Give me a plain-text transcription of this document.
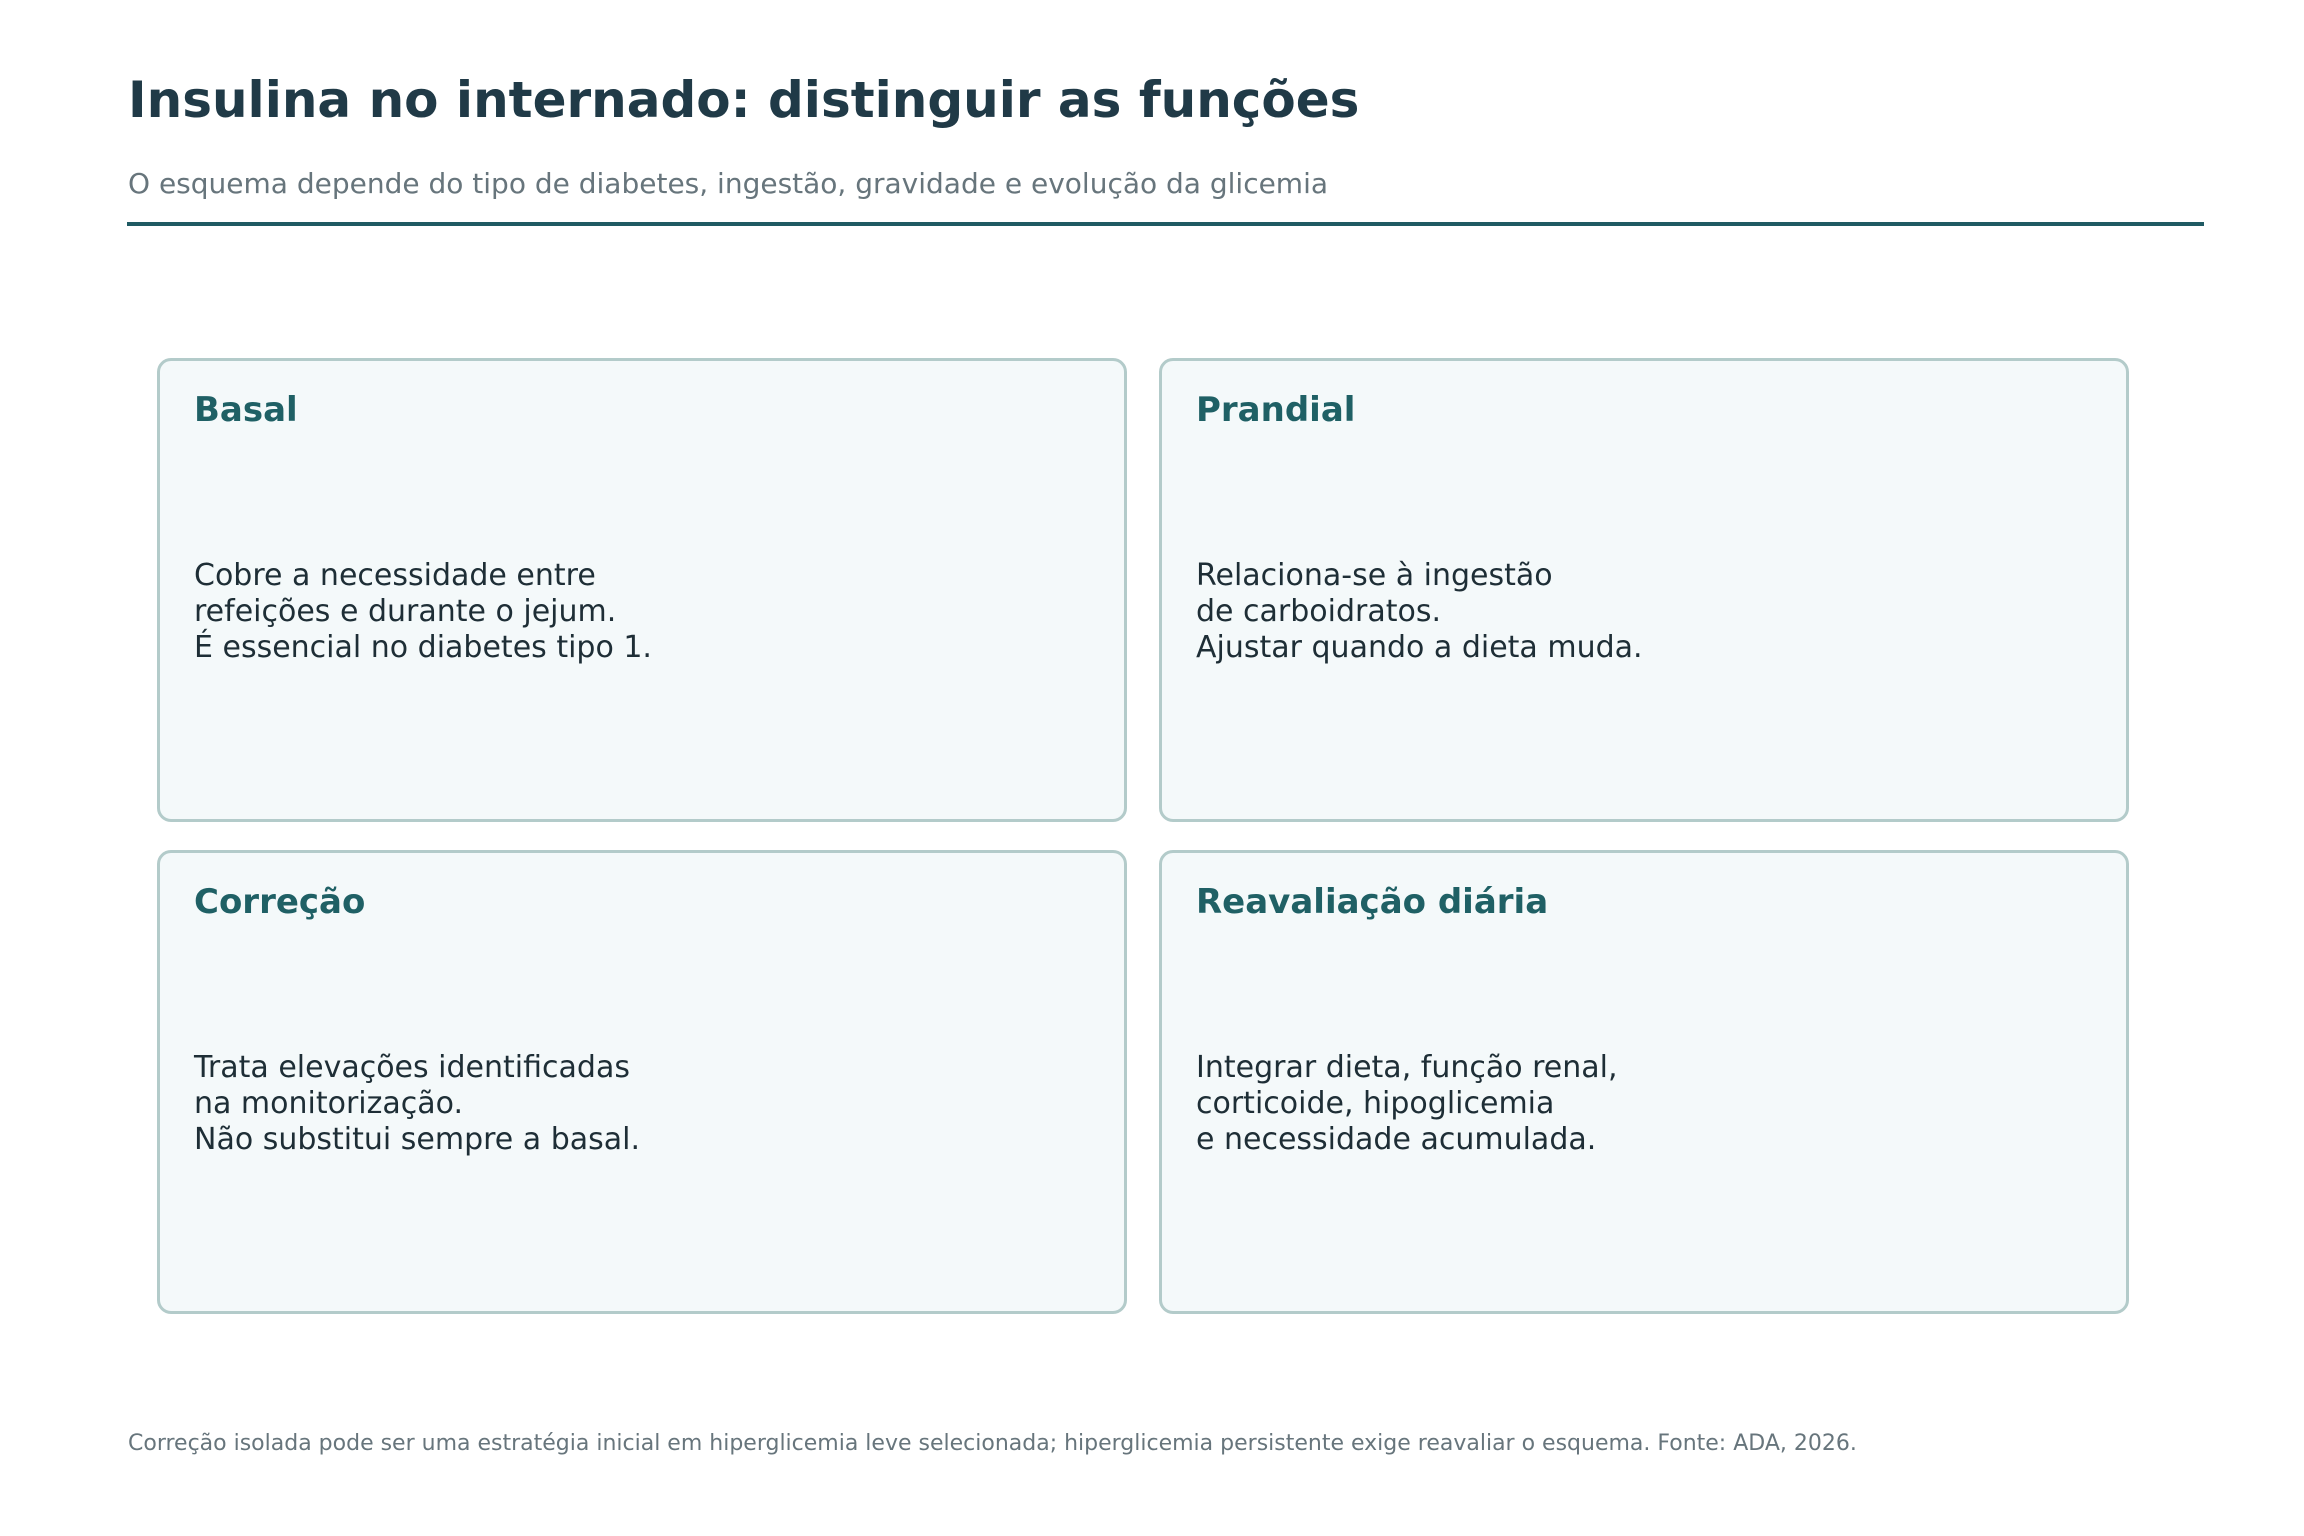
Insulina no internado: distinguir as funções

O esquema depende do tipo de diabetes, ingestão, gravidade e evolução da glicemia

Basal
Cobre a necessidade entre
refeições e durante o jejum.
É essencial no diabetes tipo 1.
Prandial
Relaciona-se à ingestão
de carboidratos.
Ajustar quando a dieta muda.
Correção
Trata elevações identificadas
na monitorização.
Não substitui sempre a basal.
Reavaliação diária
Integrar dieta, função renal,
corticoide, hipoglicemia
e necessidade acumulada.

Correção isolada pode ser uma estratégia inicial em hiperglicemia leve selecionada; hiperglicemia persistente exige reavaliar o esquema. Fonte: ADA, 2026.
